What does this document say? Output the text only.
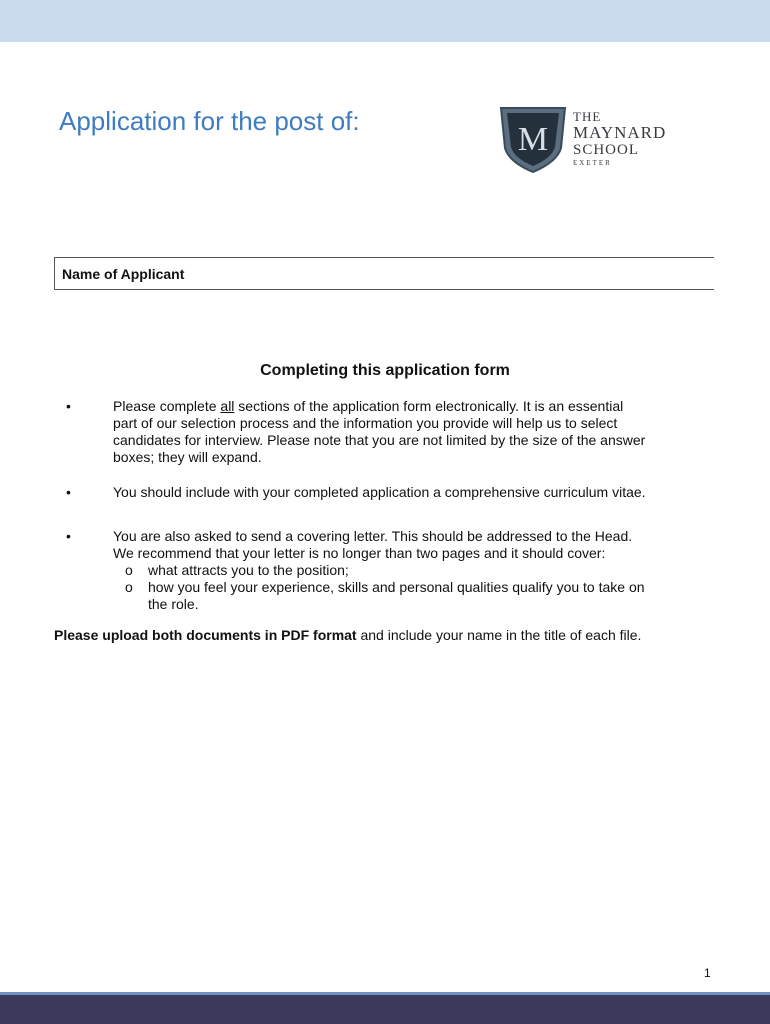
Application for the post of:	M
THE
MAYNARD
SCHOOL
EXETER
Name of Applicant
Completing this application form
•	Please complete all sections of the application form electronically. It is an essential
part of our selection process and the information you provide will help us to select
candidates for interview. Please note that you are not limited by the size of the answer
boxes; they will expand.
•	You should include with your completed application a comprehensive curriculum vitae.
•	You are also asked to send a covering letter. This should be addressed to the Head.
We recommend that your letter is no longer than two pages and it should cover:
o what attracts you to the position;
o how you feel your experience, skills and personal qualities qualify you to take on
the role.
Please upload both documents in PDF format and include your name in the title of each file.
1
